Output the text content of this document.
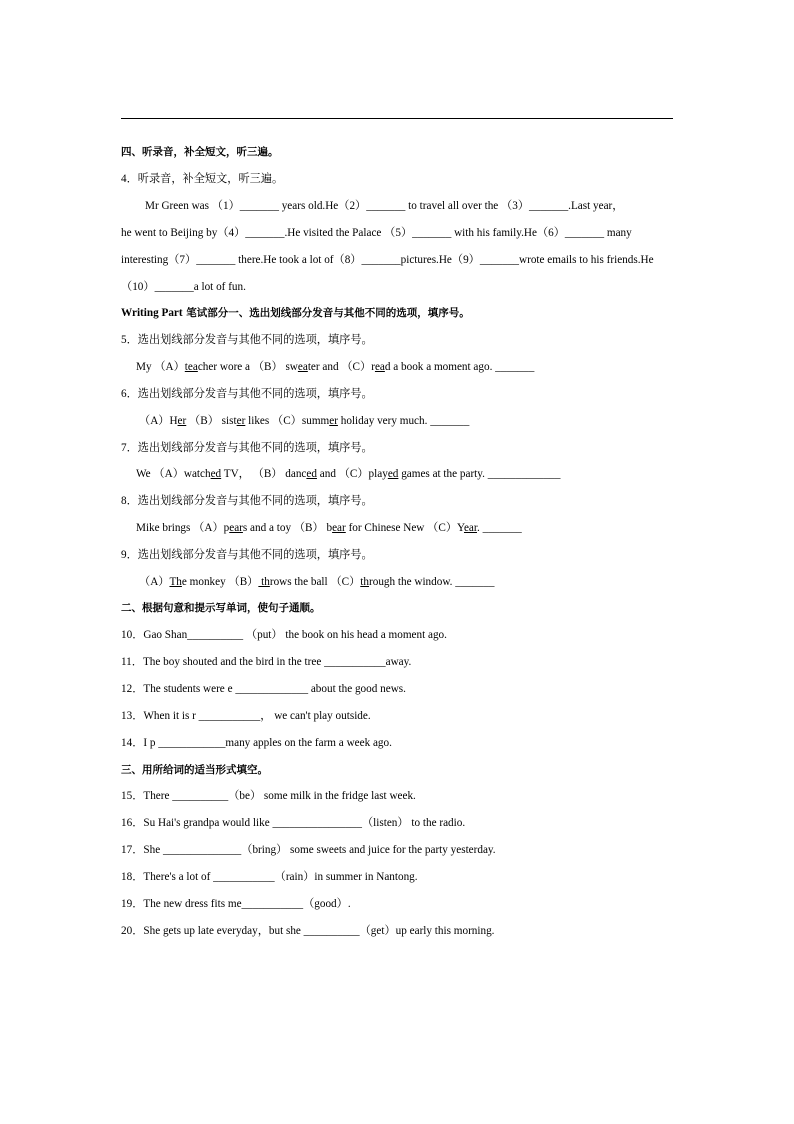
四、听录音，补全短文，听三遍。
4．听录音，补全短文，听三遍。
Mr Green was （1）_______ years old.He（2）_______ to travel all over the （3）_______.Last year，
he went to Beijing by（4）_______.He visited the Palace （5）_______ with his family.He（6）_______ many
interesting（7）_______ there.He took a lot of（8）_______pictures.He（9）_______wrote emails to his friends.He
（10）_______a lot of fun.
Writing Part 笔试部分一、选出划线部分发音与其他不同的选项，填序号。
5．选出划线部分发音与其他不同的选项，填序号。
My （A）teacher wore a （B） sweater and （C）read a book a moment ago. _______
6．选出划线部分发音与其他不同的选项，填序号。
（A）Her （B） sister likes （C）summer holiday very much. _______
7．选出划线部分发音与其他不同的选项，填序号。
We （A）watched TV， （B） danced and （C）played games at the party. _____________
8．选出划线部分发音与其他不同的选项，填序号。
Mike brings （A）pears and a toy （B） bear for Chinese New （C）Year. _______
9．选出划线部分发音与其他不同的选项，填序号。
（A）The monkey （B） throws the ball （C）through the window. _______
二、根据句意和提示写单词，使句子通顺。
10．Gao Shan__________ （put） the book on his head a moment ago.
11．The boy shouted and the bird in the tree ___________away.
12．The students were e _____________ about the good news.
13．When it is r ___________， we can't play outside.
14．I p ____________many apples on the farm a week ago.
三、用所给词的适当形式填空。
15．There __________（be） some milk in the fridge last week.
16．Su Hai's grandpa would like ________________（listen） to the radio.
17．She ______________（bring） some sweets and juice for the party yesterday.
18．There's a lot of ___________（rain）in summer in Nantong.
19．The new dress fits me___________（good）.
20．She gets up late everyday，but she __________（get）up early this morning.
